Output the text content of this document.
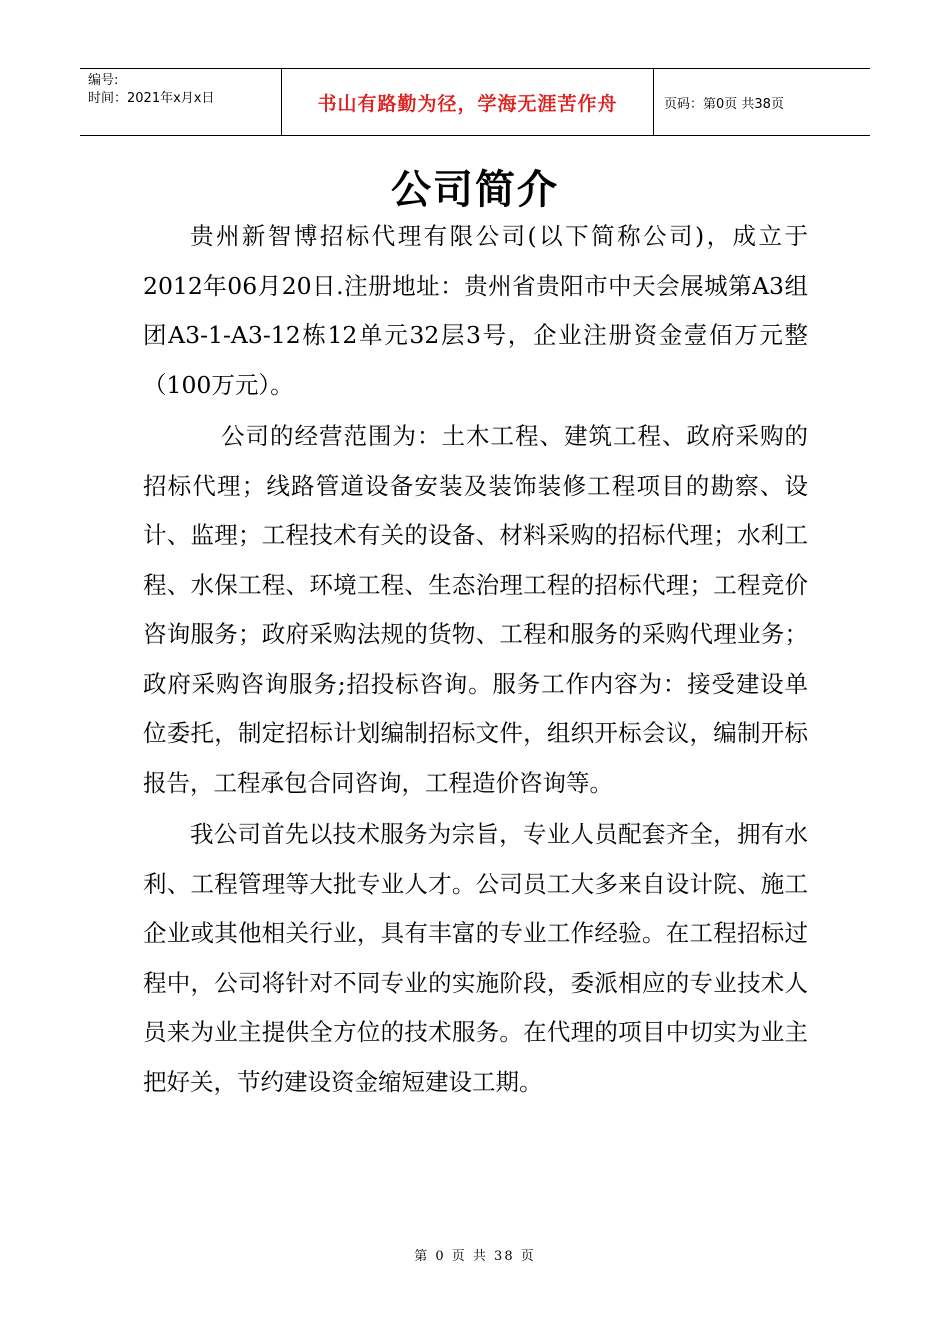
编号:
时间：2021年x月x日	书山有路勤为径，学海无涯苦作舟	页码：第0页 共38页
公司简介

贵州新智博招标代理有限公司(以下简称公司)，成立于2012年06月20日.注册地址：贵州省贵阳市中天会展城第A3组团A3-1-A3-12栋12单元32层3号，企业注册资金壹佰万元整（100万元）。

公司的经营范围为：土木工程、建筑工程、政府采购的招标代理；线路管道设备安装及装饰装修工程项目的勘察、设计、监理；工程技术有关的设备、材料采购的招标代理；水利工程、水保工程、环境工程、生态治理工程的招标代理；工程竞价咨询服务；政府采购法规的货物、工程和服务的采购代理业务；政府采购咨询服务;招投标咨询。服务工作内容为：接受建设单位委托，制定招标计划编制招标文件，组织开标会议，编制开标报告，工程承包合同咨询，工程造价咨询等。

我公司首先以技术服务为宗旨，专业人员配套齐全，拥有水利、工程管理等大批专业人才。公司员工大多来自设计院、施工企业或其他相关行业，具有丰富的专业工作经验。在工程招标过程中，公司将针对不同专业的实施阶段，委派相应的专业技术人员来为业主提供全方位的技术服务。在代理的项目中切实为业主把好关，节约建设资金缩短建设工期。

第 0 页 共 38 页
